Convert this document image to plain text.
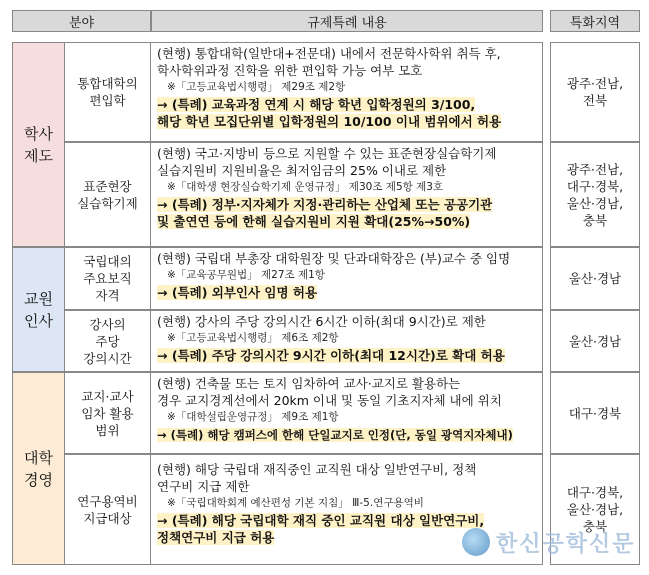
분야	규제특례 내용	특화지역
학사
제도
교원
인사
대학
경영
통합대학의
편입학
(현행) 통합대학(일반대+전문대) 내에서 전문학사학위 취득 후,
학사학위과정 진학을 위한 편입학 가능 여부 모호
※「고등교육법시행령」 제29조 제2항
→ (특례) 교육과정 연계 시 해당 학년 입학정원의 3/100,
해당 학년 모집단위별 입학정원의 10/100 이내 범위에서 허용
광주·전남,
전북
표준현장
실습학기제
(현행) 국고·지방비 등으로 지원할 수 있는 표준현장실습학기제
실습지원비 지원비율은 최저임금의 25% 이내로 제한
※「대학생 현장실습학기제 운영규정」 제30조 제5항 제3호
→ (특례) 정부·지자체가 지정·관리하는 산업체 또는 공공기관
및 출연연 등에 한해 실습지원비 지원 확대(25%→50%)
광주·전남,
대구·경북,
울산·경남,
충북
국립대의
주요보직
자격
(현행) 국립대 부총장 대학원장 및 단과대학장은 (부)교수 중 임명
※「교육공무원법」 제27조 제1항
→ (특례) 외부인사 임명 허용
울산·경남
강사의
주당
강의시간
(현행) 강사의 주당 강의시간 6시간 이하(최대 9시간)로 제한
※「고등교육법시행령」 제6조 제2항
→ (특례) 주당 강의시간 9시간 이하(최대 12시간)로 확대 허용
울산·경남
교지·교사
임차 활용
범위
(현행) 건축물 또는 토지 임차하여 교사·교지로 활용하는
경우 교지경계선에서 20km 이내 및 동일 기초지자체 내에 위치
※「대학설립운영규정」 제9조 제1항
→ (특례) 해당 캠퍼스에 한해 단일교지로 인정(단, 동일 광역지자체내)
대구·경북
연구용역비
지급대상
(현행) 해당 국립대 재직중인 교직원 대상 일반연구비, 정책
연구비 지급 제한
※「국립대학회계 예산편성 기본 지침」 Ⅲ-5.연구용역비
→ (특례) 해당 국립대학 재직 중인 교직원 대상 일반연구비,
정책연구비 지급 허용
대구·경북,
울산·경남,
충북
한신공학신문
